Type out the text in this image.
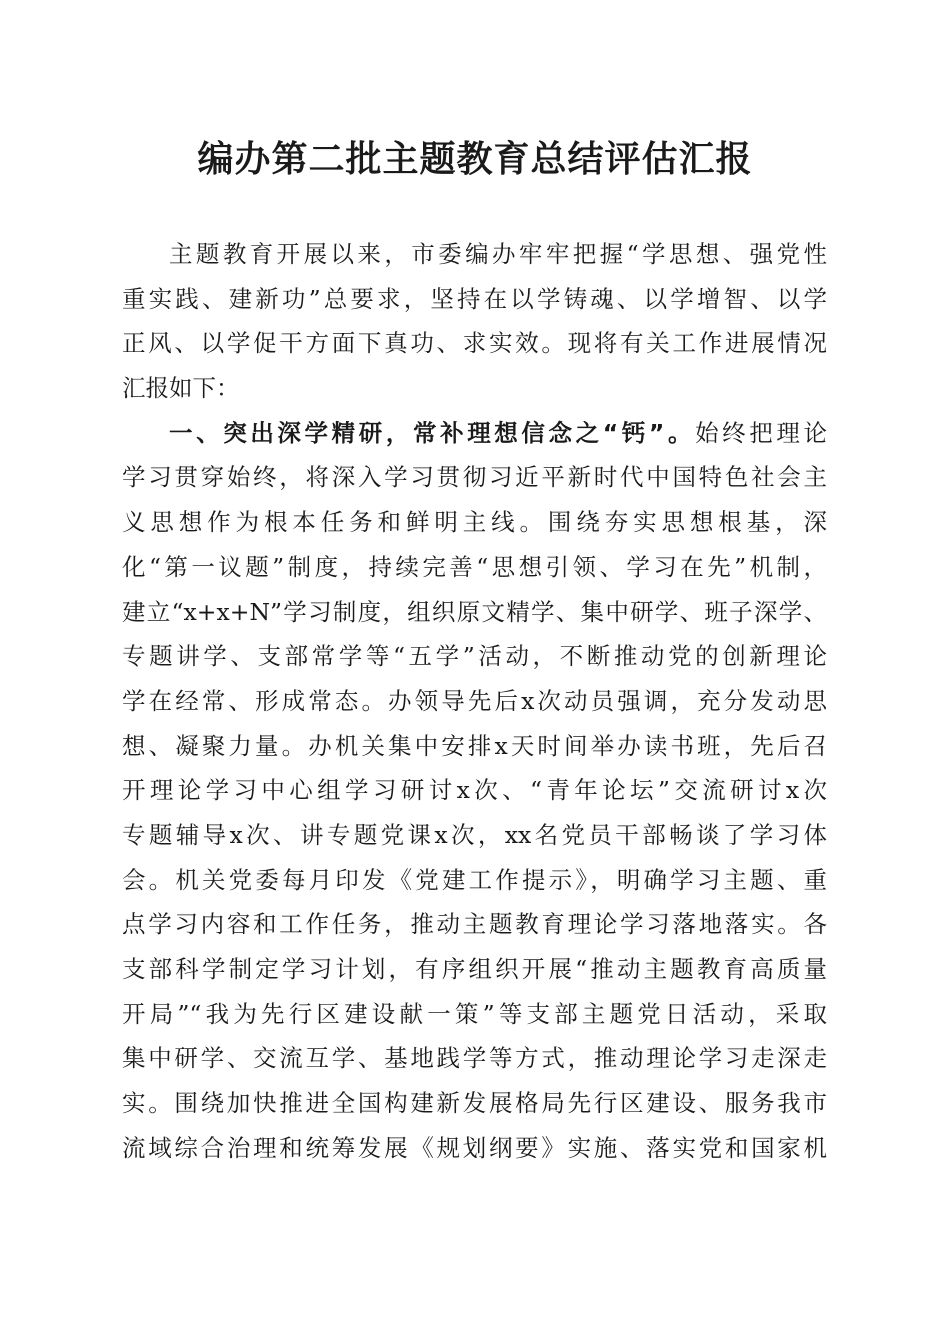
编办第二批主题教育总结评估汇报
主题教育开展以来，市委编办牢牢把握“学思想、强党性
重实践、建新功”总要求，坚持在以学铸魂、以学增智、以学
正风、以学促干方面下真功、求实效。现将有关工作进展情况
汇报如下：
一、突出深学精研，常补理想信念之“钙”。始终把理论
学习贯穿始终，将深入学习贯彻习近平新时代中国特色社会主
义思想作为根本任务和鲜明主线。围绕夯实思想根基，深
化“第一议题”制度，持续完善“思想引领、学习在先”机制，
建立“x+x+N”学习制度，组织原文精学、集中研学、班子深学、
专题讲学、支部常学等“五学”活动，不断推动党的创新理论
学在经常、形成常态。办领导先后x次动员强调，充分发动思
想、凝聚力量。办机关集中安排x天时间举办读书班，先后召
开理论学习中心组学习研讨x次、“青年论坛”交流研讨x次
专题辅导x次、讲专题党课x次，xx名党员干部畅谈了学习体
会。机关党委每月印发《党建工作提示》，明确学习主题、重
点学习内容和工作任务，推动主题教育理论学习落地落实。各
支部科学制定学习计划，有序组织开展“推动主题教育高质量
开局”“我为先行区建设献一策”等支部主题党日活动，采取
集中研学、交流互学、基地践学等方式，推动理论学习走深走
实。围绕加快推进全国构建新发展格局先行区建设、服务我市
流域综合治理和统筹发展《规划纲要》实施、落实党和国家机
